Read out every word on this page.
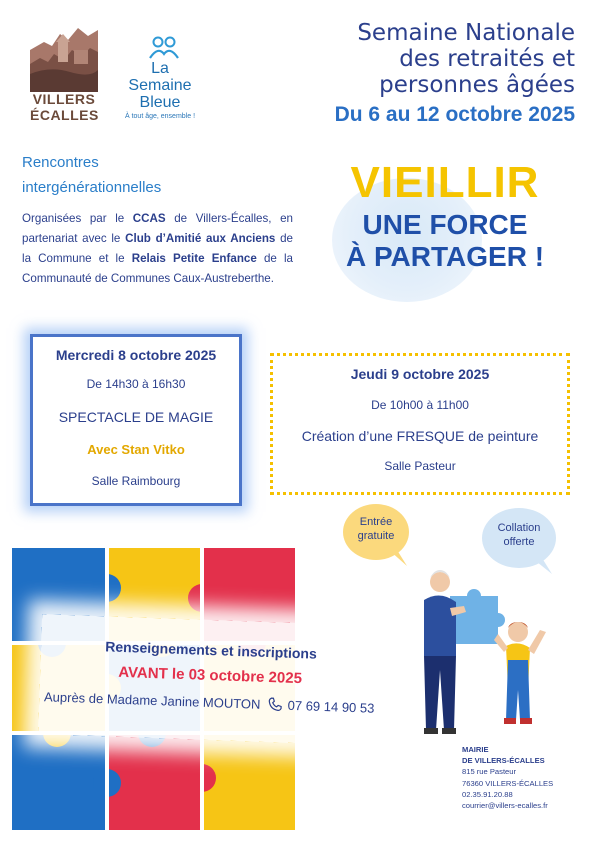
VILLERS
ÉCALLES
La
Semaine
Bleue
À tout âge, ensemble !
Semaine Nationale
des retraités et
personnes âgées
Du 6 au 12 octobre 2025
Rencontres
intergénérationnelles
Organisées par le CCAS de Villers-Écalles, en partenariat avec le Club d’Amitié aux Anciens de la Commune et le Relais Petite Enfance de la Communauté de Communes Caux-Austreberthe.
VIEILLIR
UNE FORCE
À PARTAGER !
Mercredi 8 octobre 2025
De 14h30 à 16h30
SPECTACLE DE MAGIE
Avec Stan Vitko
Salle Raimbourg
Jeudi 9 octobre 2025
De 10h00 à 11h00
Création d’une FRESQUE de peinture
Salle Pasteur
Entrée
gratuite
Collation
offerte
Renseignements et inscriptions
AVANT le 03 octobre 2025
Auprès de Madame Janine MOUTON 07 69 14 90 53
MAIRIE
DE VILLERS-ÉCALLES
815 rue Pasteur
76360 VILLERS-ÉCALLES
02.35.91.20.88
courrier@villers-ecalles.fr
